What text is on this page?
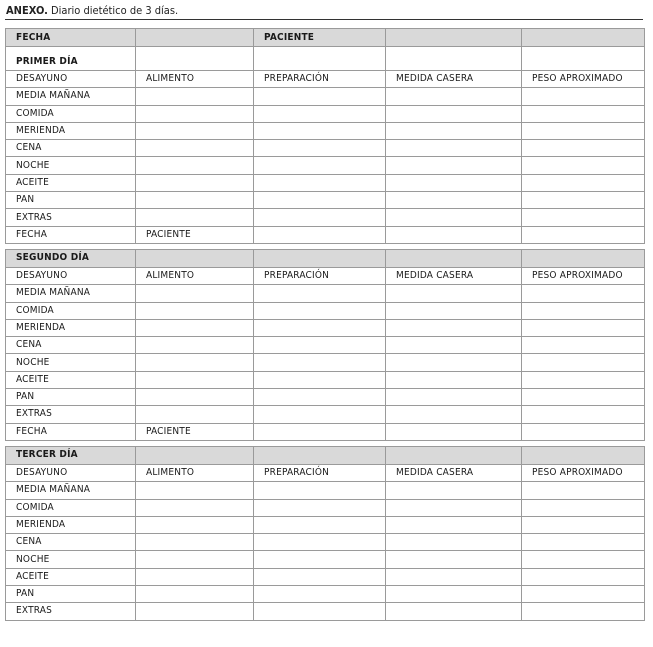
ANEXO. Diario dietético de 3 días.
FECHA		PACIENTE		
PRIMER DÍA				
DESAYUNO	ALIMENTO	PREPARACIÓN	MEDIDA CASERA	PESO APROXIMADO
MEDIA MAÑANA				
COMIDA				
MERIENDA				
CENA				
NOCHE				
ACEITE				
PAN				
EXTRAS				
FECHA	PACIENTE			

SEGUNDO DÍA				
DESAYUNO	ALIMENTO	PREPARACIÓN	MEDIDA CASERA	PESO APROXIMADO
MEDIA MAÑANA				
COMIDA				
MERIENDA				
CENA				
NOCHE				
ACEITE				
PAN				
EXTRAS				
FECHA	PACIENTE			

TERCER DÍA				
DESAYUNO	ALIMENTO	PREPARACIÓN	MEDIDA CASERA	PESO APROXIMADO
MEDIA MAÑANA				
COMIDA				
MERIENDA				
CENA				
NOCHE				
ACEITE				
PAN				
EXTRAS				
